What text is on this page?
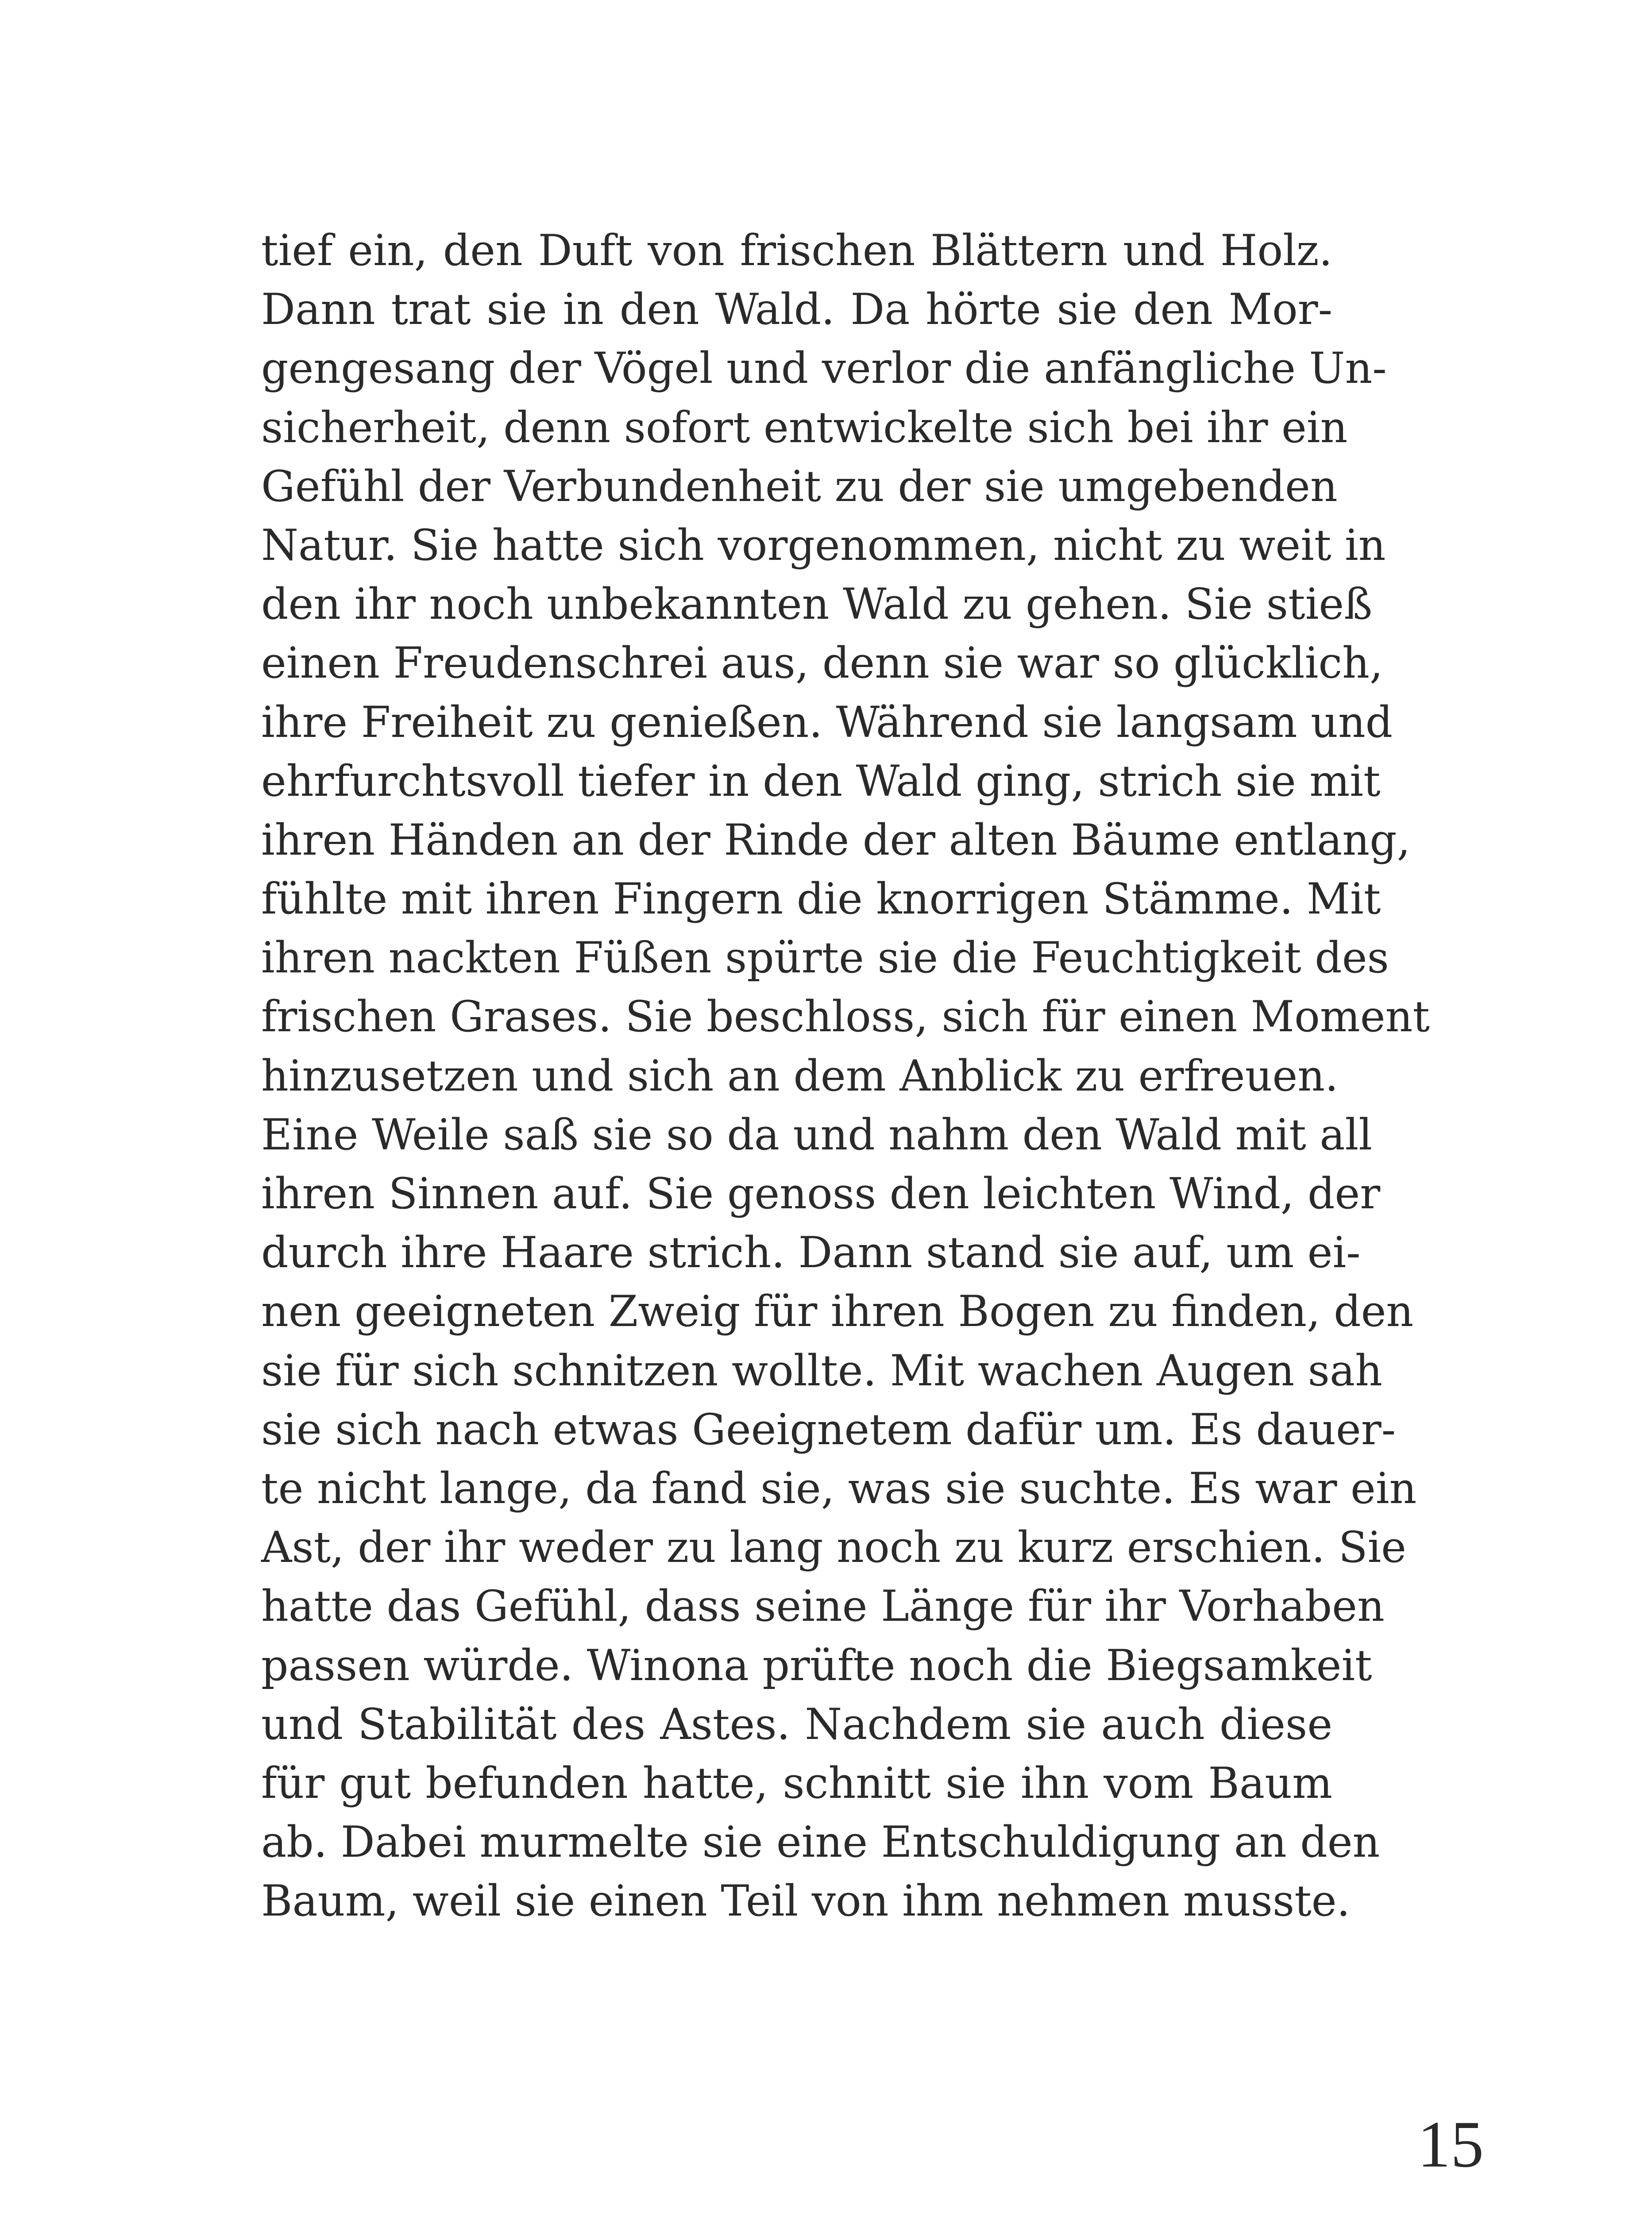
tief ein, den Duft von frischen Blättern und Holz.
Dann trat sie in den Wald. Da hörte sie den Mor-
gengesang der Vögel und verlor die anfängliche Un-
sicherheit, denn sofort entwickelte sich bei ihr ein
Gefühl der Verbundenheit zu der sie umgebenden
Natur. Sie hatte sich vorgenommen, nicht zu weit in
den ihr noch unbekannten Wald zu gehen. Sie stieß
einen Freudenschrei aus, denn sie war so glücklich,
ihre Freiheit zu genießen. Während sie langsam und
ehrfurchtsvoll tiefer in den Wald ging, strich sie mit
ihren Händen an der Rinde der alten Bäume entlang,
fühlte mit ihren Fingern die knorrigen Stämme. Mit
ihren nackten Füßen spürte sie die Feuchtigkeit des
frischen Grases. Sie beschloss, sich für einen Moment
hinzusetzen und sich an dem Anblick zu erfreuen.
Eine Weile saß sie so da und nahm den Wald mit all
ihren Sinnen auf. Sie genoss den leichten Wind, der
durch ihre Haare strich. Dann stand sie auf, um ei-
nen geeigneten Zweig für ihren Bogen zu finden, den
sie für sich schnitzen wollte. Mit wachen Augen sah
sie sich nach etwas Geeignetem dafür um. Es dauer-
te nicht lange, da fand sie, was sie suchte. Es war ein
Ast, der ihr weder zu lang noch zu kurz erschien. Sie
hatte das Gefühl, dass seine Länge für ihr Vorhaben
passen würde. Winona prüfte noch die Biegsamkeit
und Stabilität des Astes. Nachdem sie auch diese
für gut befunden hatte, schnitt sie ihn vom Baum
ab. Dabei murmelte sie eine Entschuldigung an den
Baum, weil sie einen Teil von ihm nehmen musste.
15
